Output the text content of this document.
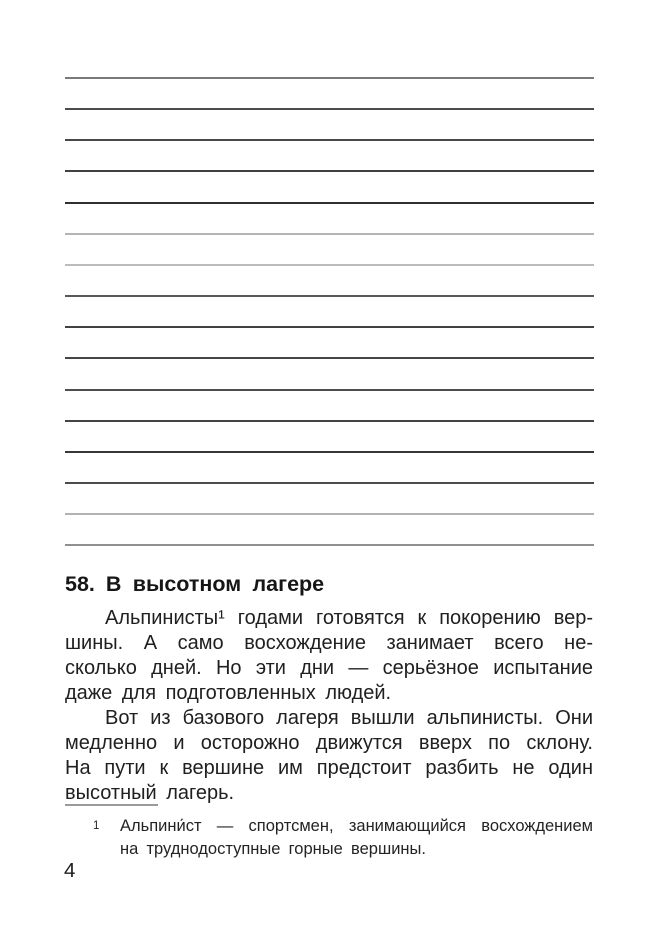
58. В высотном лагере
Альпинисты¹ годами готовятся к покорению вер-
шины. А само восхождение занимает всего не-
сколько дней. Но эти дни — серьёзное испытание
даже для подготовленных людей.
Вот из базового лагеря вышли альпинисты. Они
медленно и осторожно движутся вверх по склону.
На пути к вершине им предстоит разбить не один
высотный лагерь.
1 Альпини́ст — спортсмен, занимающийся восхождением
на труднодоступные горные вершины.
4
